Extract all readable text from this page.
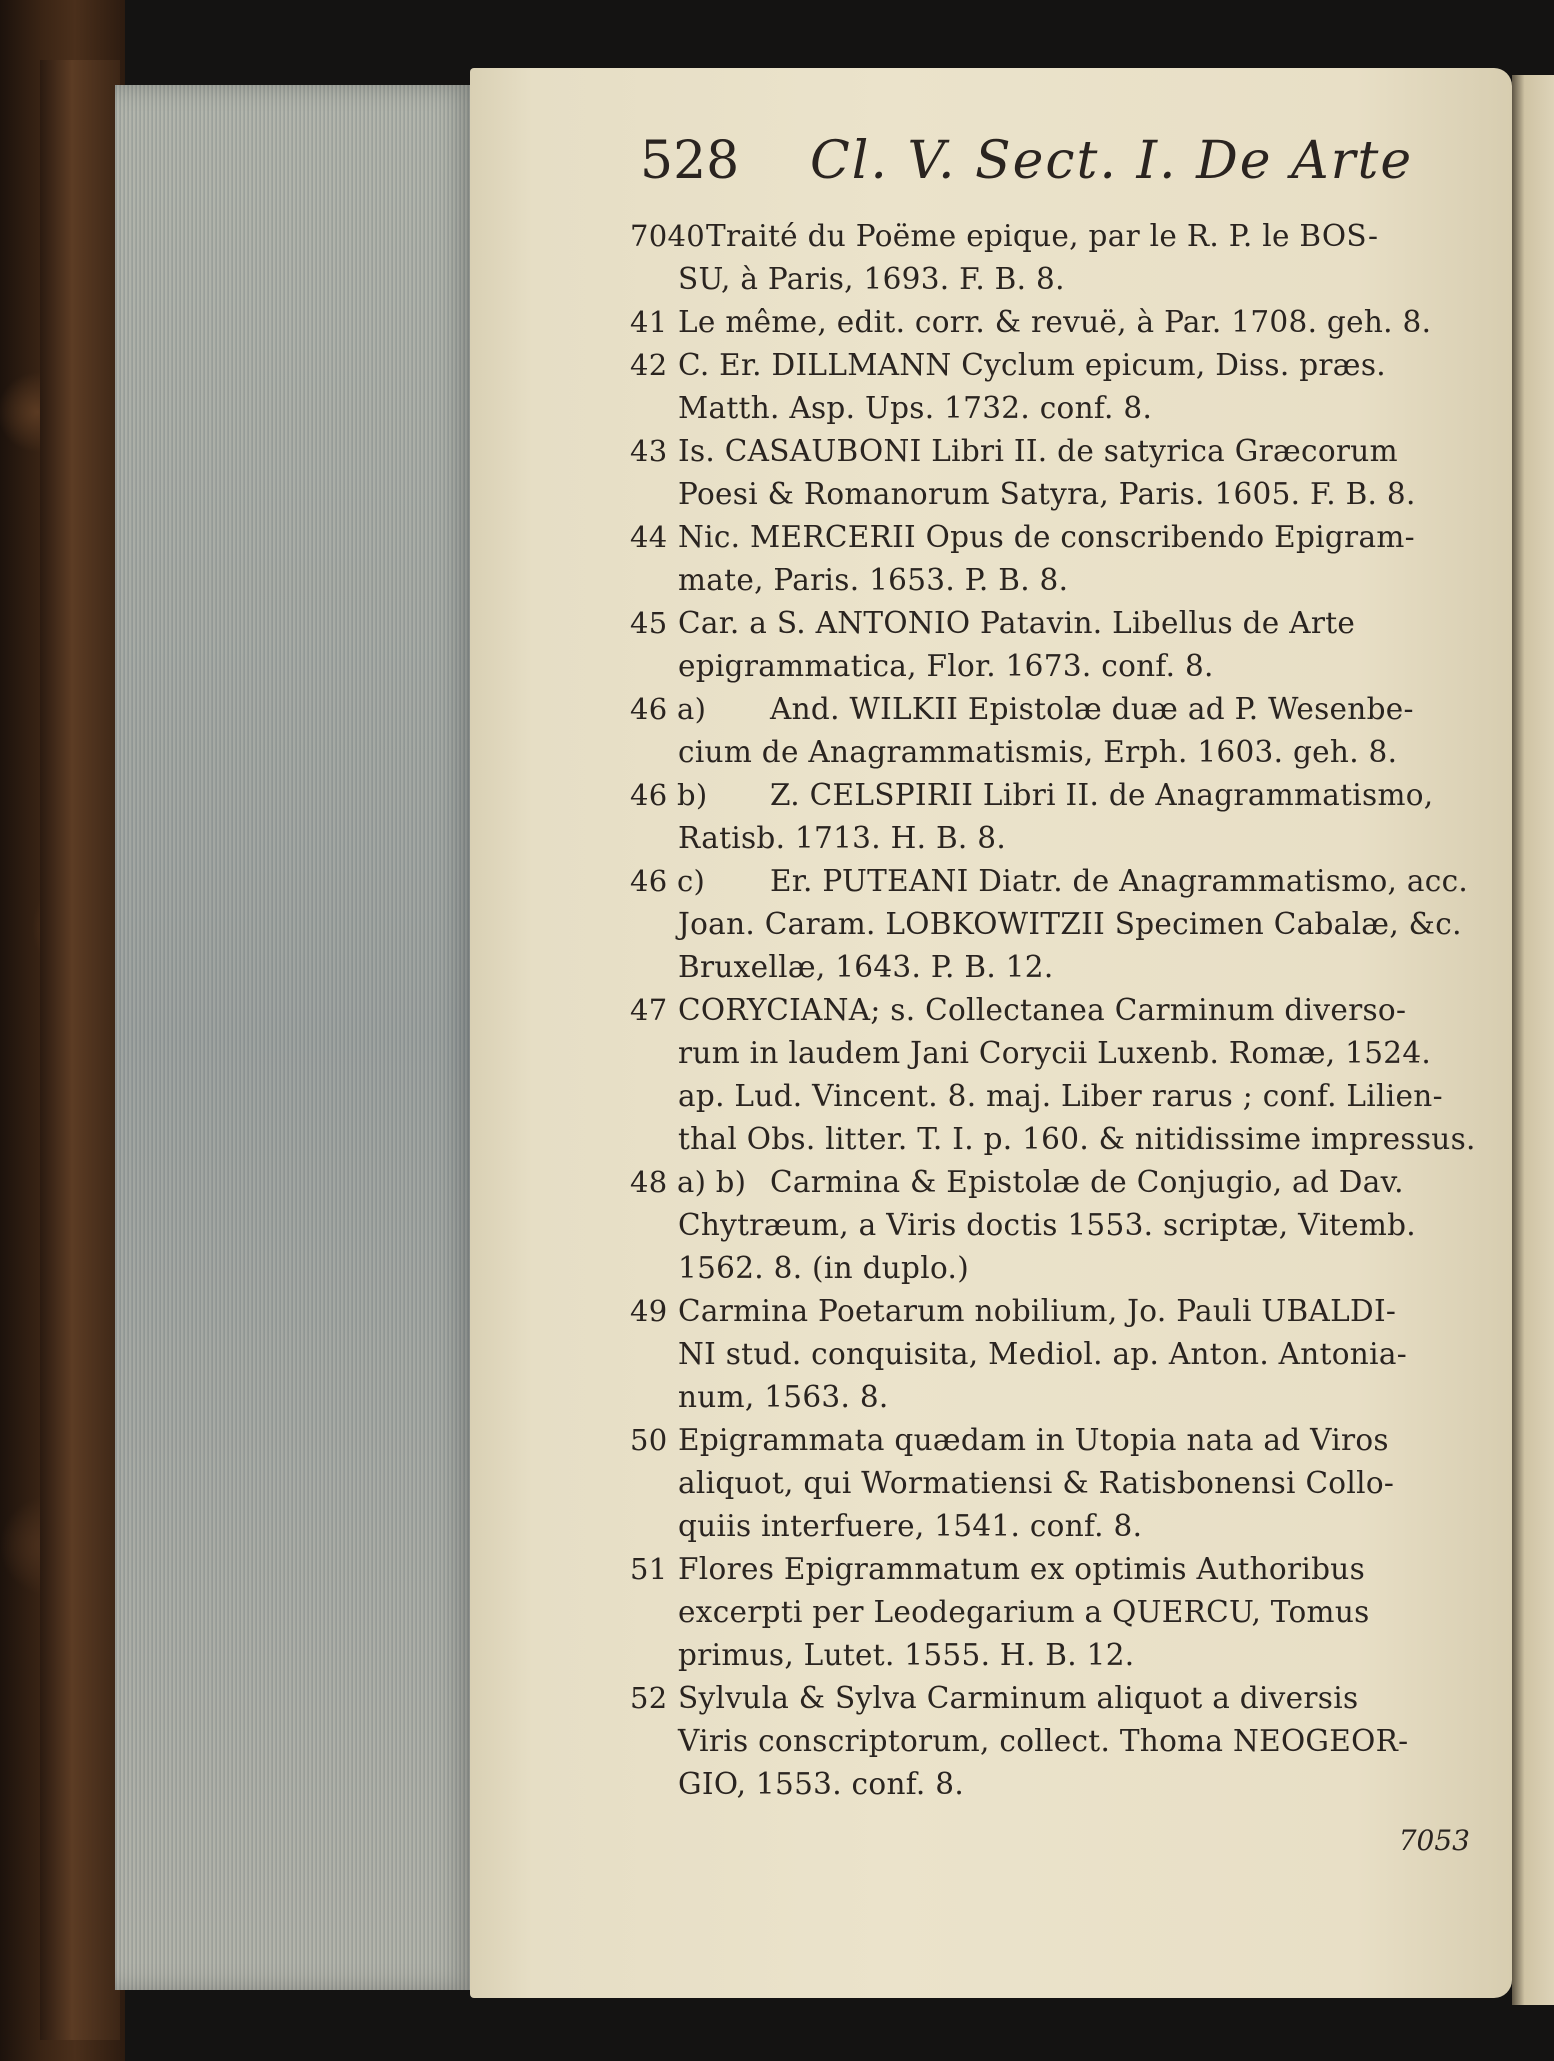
528 Cl. V. Sect. I. De Arte
7040 Traité du Poëme epique, par le R. P. le BOS-
SU, à Paris, 1693. F. B. 8.
41 Le même, edit. corr. & revuë, à Par. 1708. geh. 8.
42 C. Er. DILLMANN Cyclum epicum, Diss. præs.
Matth. Asp. Ups. 1732. conf. 8.
43 Is. CASAUBONI Libri II. de satyrica Græcorum
Poesi & Romanorum Satyra, Paris. 1605. F. B. 8.
44 Nic. MERCERII Opus de conscribendo Epigram-
mate, Paris. 1653. P. B. 8.
45 Car. a S. ANTONIO Patavin. Libellus de Arte
epigrammatica, Flor. 1673. conf. 8.
46 a) And. WILKII Epistolæ duæ ad P. Wesenbe-
cium de Anagrammatismis, Erph. 1603. geh. 8.
46 b) Z. CELSPIRII Libri II. de Anagrammatismo,
Ratisb. 1713. H. B. 8.
46 c) Er. PUTEANI Diatr. de Anagrammatismo, acc.
Joan. Caram. LOBKOWITZII Specimen Cabalæ, &c.
Bruxellæ, 1643. P. B. 12.
47 CORYCIANA; s. Collectanea Carminum diverso-
rum in laudem Jani Corycii Luxenb. Romæ, 1524.
ap. Lud. Vincent. 8. maj. Liber rarus ; conf. Lilien-
thal Obs. litter. T. I. p. 160. & nitidissime impressus.
48 a) b) Carmina & Epistolæ de Conjugio, ad Dav.
Chytræum, a Viris doctis 1553. scriptæ, Vitemb.
1562. 8. (in duplo.)
49 Carmina Poetarum nobilium, Jo. Pauli UBALDI-
NI stud. conquisita, Mediol. ap. Anton. Antonia-
num, 1563. 8.
50 Epigrammata quædam in Utopia nata ad Viros
aliquot, qui Wormatiensi & Ratisbonensi Collo-
quiis interfuere, 1541. conf. 8.
51 Flores Epigrammatum ex optimis Authoribus
excerpti per Leodegarium a QUERCU, Tomus
primus, Lutet. 1555. H. B. 12.
52 Sylvula & Sylva Carminum aliquot a diversis
Viris conscriptorum, collect. Thoma NEOGEOR-
GIO, 1553. conf. 8.
7053
